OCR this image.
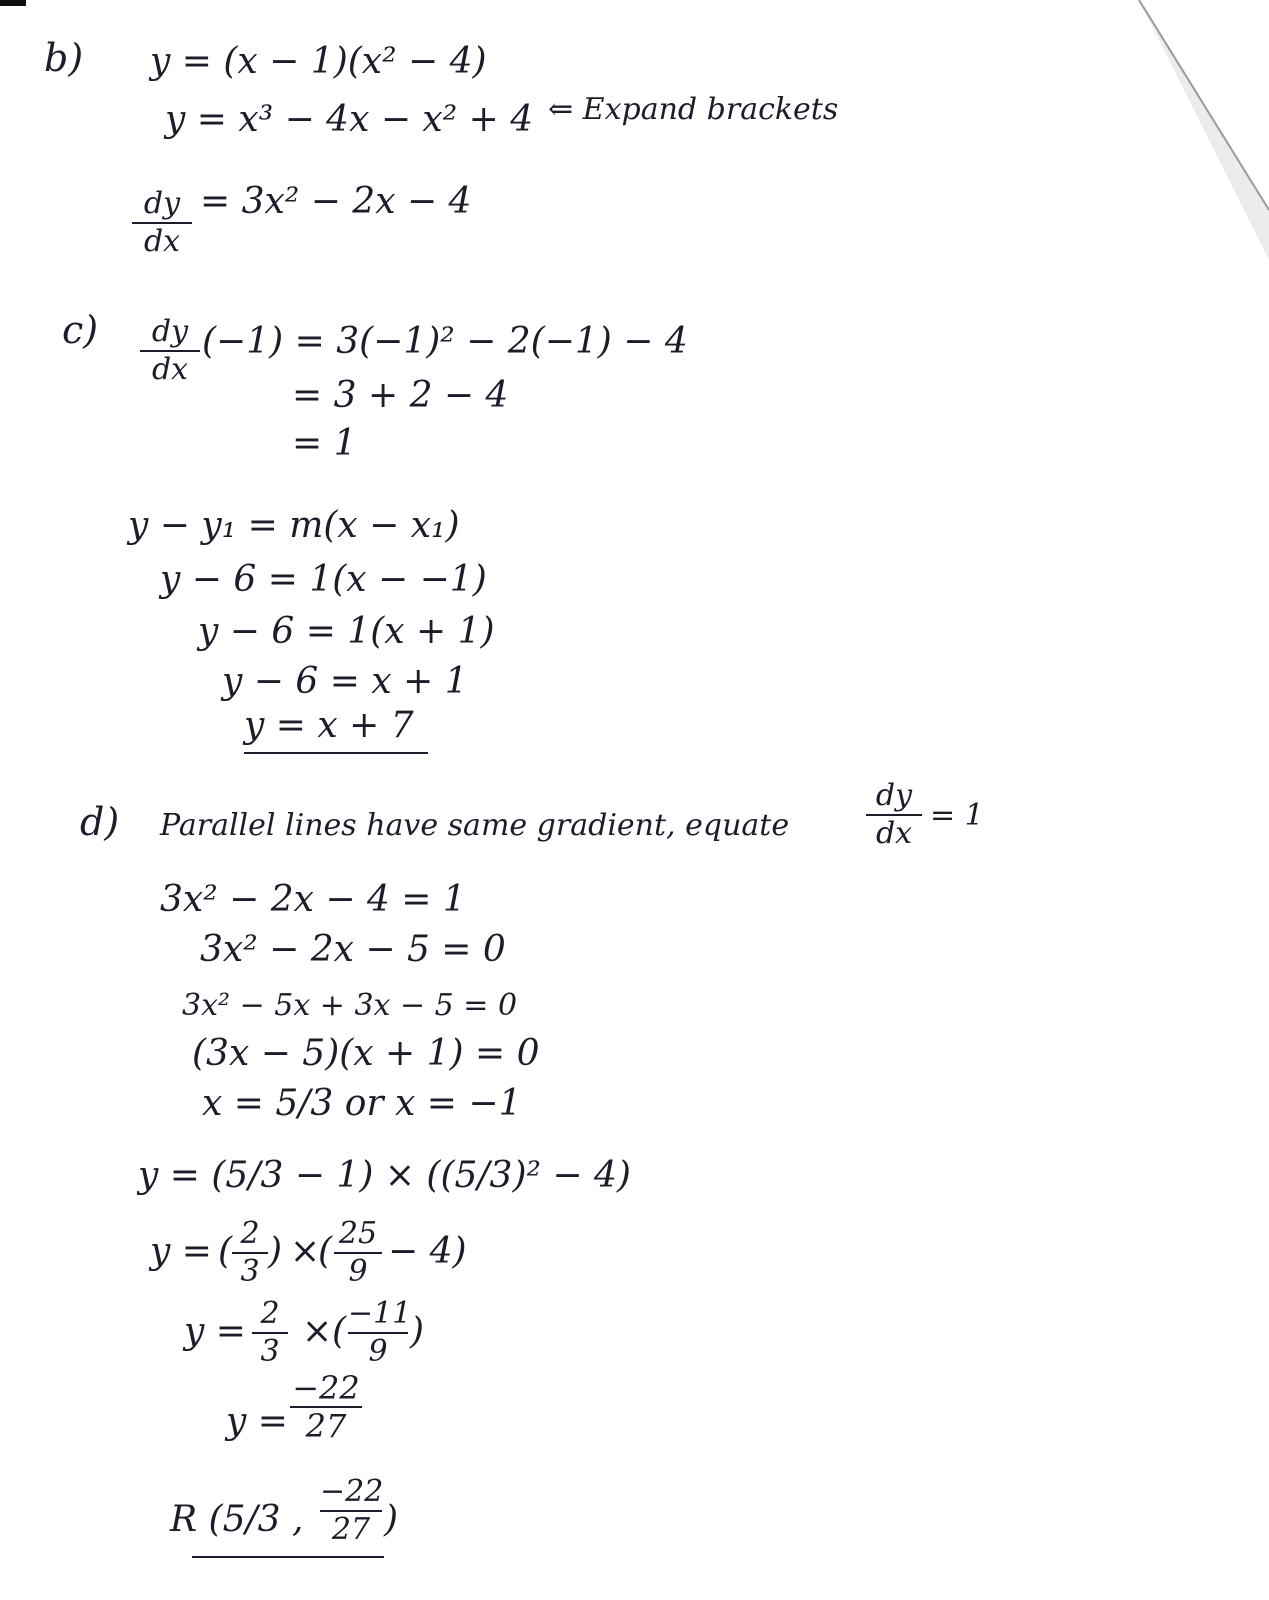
b) y = (x − 1)(x² − 4)
y = x³ − 4x − x² + 4 ⇐ Expand brackets
dy
dx
= 3x² − 2x − 4
c)	dy
dx
(−1) = 3(−1)² − 2(−1) − 4
= 3 + 2 − 4
= 1
y − y₁ = m(x − x₁)
y − 6 = 1(x − −1)
y − 6 = 1(x + 1)
y − 6 = x + 1
y = x + 7
d) Parallel lines have same gradient, equate
dy
dx
= 1
3x² − 2x − 4 = 1
3x² − 2x − 5 = 0
3x² − 5x + 3x − 5 = 0
(3x − 5)(x + 1) = 0
x = 5/3 or x = −1
y = (5/3 − 1) × ((5/3)² − 4)
y = ( 2
3 ) ×
( 25
9 − 4)
y = 2
3 × ( −11
9 )
y =
−22
27
R (5/3 ,
−22
27 )
